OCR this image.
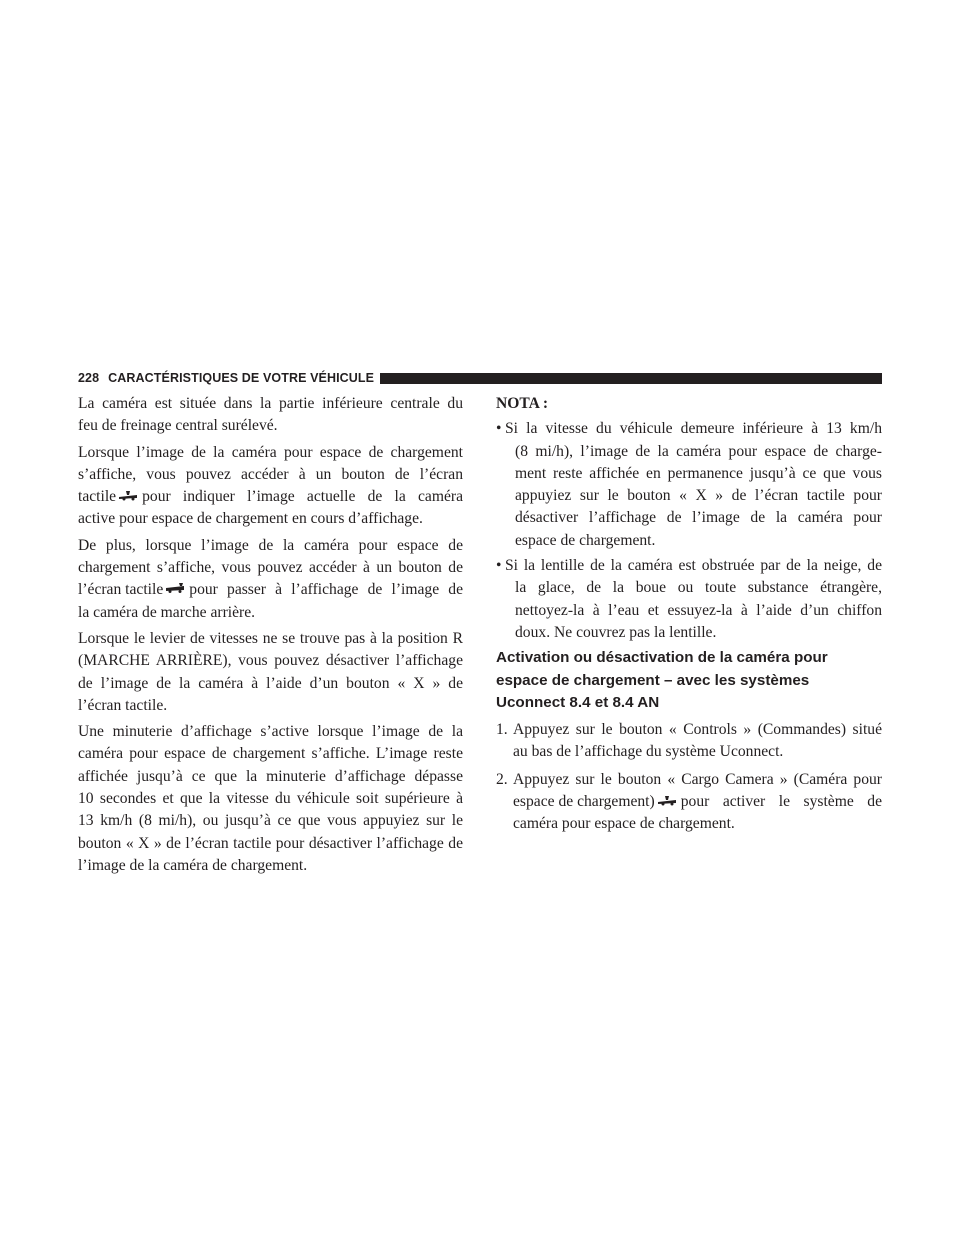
228 CARACTÉRISTIQUES DE VOTRE VÉHICULE
La caméra est située dans la partie inférieure centrale du
feu de freinage central surélevé.
Lorsque l’image de la caméra pour espace de chargement
s’affiche, vous pouvez accéder à un bouton de l’écran
tactile pour indiquer l’image actuelle de la caméra
active pour espace de chargement en cours d’affichage.
De plus, lorsque l’image de la caméra pour espace de
chargement s’affiche, vous pouvez accéder à un bouton de
l’écran tactile pour passer à l’affichage de l’image de
la caméra de marche arrière.
Lorsque le levier de vitesses ne se trouve pas à la position R
(MARCHE ARRIÈRE), vous pouvez désactiver l’affichage
de l’image de la caméra à l’aide d’un bouton « X » de
l’écran tactile.
Une minuterie d’affichage s’active lorsque l’image de la
caméra pour espace de chargement s’affiche. L’image reste
affichée jusqu’à ce que la minuterie d’affichage dépasse
10 secondes et que la vitesse du véhicule soit supérieure à
13 km/h (8 mi/h), ou jusqu’à ce que vous appuyiez sur le
bouton « X » de l’écran tactile pour désactiver l’affichage de
l’image de la caméra de chargement.
NOTA :
• Si la vitesse du véhicule demeure inférieure à 13 km/h
(8 mi/h), l’image de la caméra pour espace de charge-
ment reste affichée en permanence jusqu’à ce que vous
appuyiez sur le bouton « X » de l’écran tactile pour
désactiver l’affichage de l’image de la caméra pour
espace de chargement.
• Si la lentille de la caméra est obstruée par de la neige, de
la glace, de la boue ou toute substance étrangère,
nettoyez-la à l’eau et essuyez-la à l’aide d’un chiffon
doux. Ne couvrez pas la lentille.
Activation ou désactivation de la caméra pour
espace de chargement – avec les systèmes
Uconnect 8.4 et 8.4 AN
1. Appuyez sur le bouton « Controls » (Commandes) situé
au bas de l’affichage du système Uconnect.
2. Appuyez sur le bouton « Cargo Camera » (Caméra pour
espace de chargement) pour activer le système de
caméra pour espace de chargement.
